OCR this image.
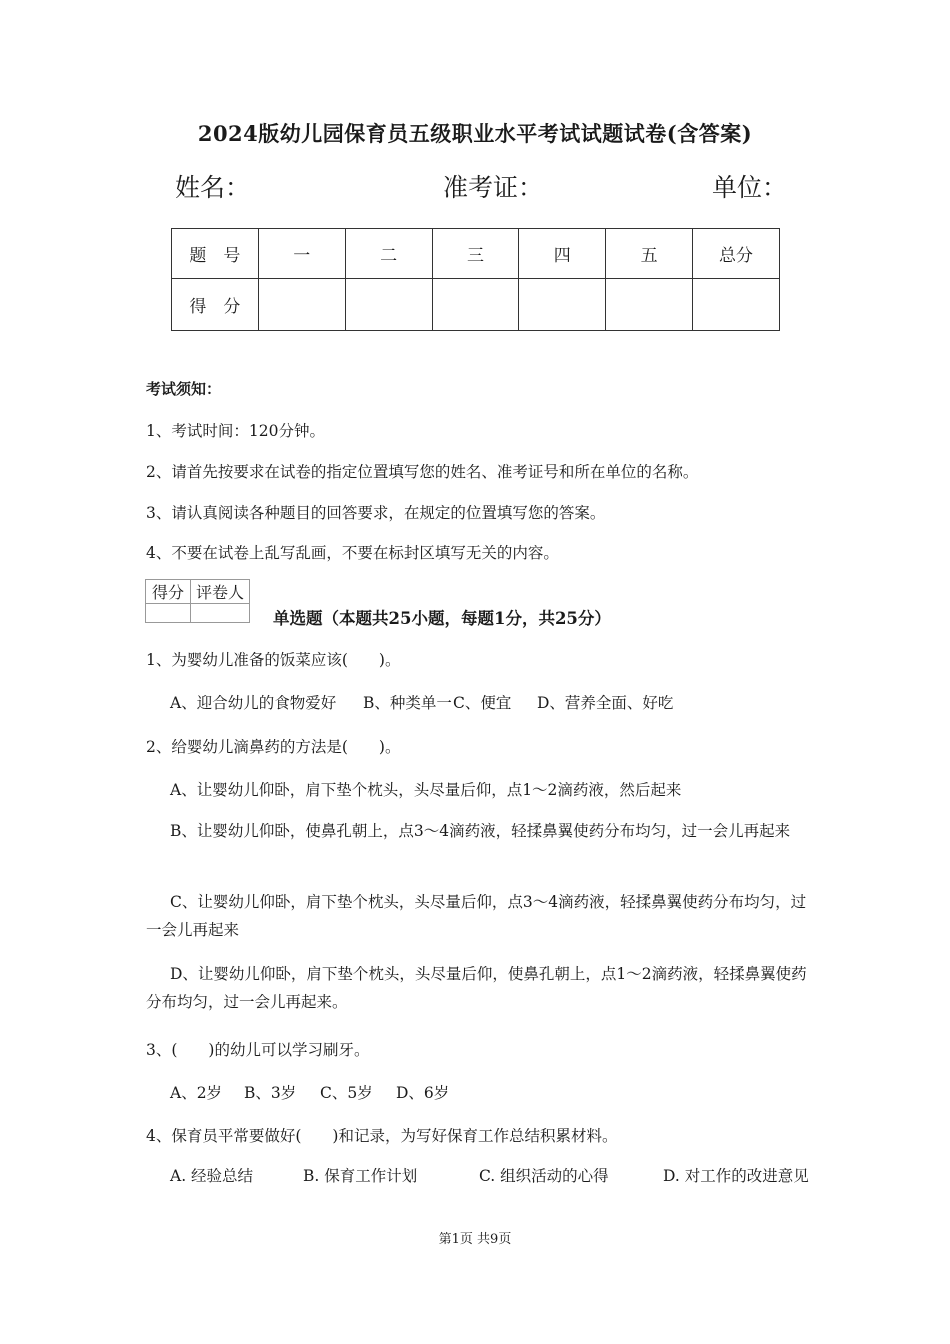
2024版幼儿园保育员五级职业水平考试试题试卷(含答案)
姓名：	准考证：	单位：
题　号	一	二	三	四	五	总分
得　分						
考试须知：
1、考试时间：120分钟。
2、请首先按要求在试卷的指定位置填写您的姓名、准考证号和所在单位的名称。
3、请认真阅读各种题目的回答要求，在规定的位置填写您的答案。
4、不要在试卷上乱写乱画，不要在标封区填写无关的内容。
得分	评卷人

单选题（本题共25小题，每题1分，共25分）
1、为婴幼儿准备的饭菜应该(　　)。
A、迎合幼儿的食物爱好 B、种类单一C、便宜 D、营养全面、好吃
2、给婴幼儿滴鼻药的方法是(　　)。
A、让婴幼儿仰卧，肩下垫个枕头，头尽量后仰，点1～2滴药液，然后起来
B、让婴幼儿仰卧，使鼻孔朝上，点3～4滴药液，轻揉鼻翼使药分布均匀，过一会儿再起来
C、让婴幼儿仰卧，肩下垫个枕头，头尽量后仰，点3～4滴药液，轻揉鼻翼使药分布均匀，过一会儿再起来
D、让婴幼儿仰卧，肩下垫个枕头，头尽量后仰，使鼻孔朝上，点1～2滴药液，轻揉鼻翼使药分布均匀，过一会儿再起来。
3、(　　)的幼儿可以学习刷牙。
A、2岁 B、3岁 C、5岁 D、6岁
4、保育员平常要做好(　　)和记录，为写好保育工作总结积累材料。
A. 经验总结	B. 保育工作计划	C. 组织活动的心得	D. 对工作的改进意见
第1页 共9页
